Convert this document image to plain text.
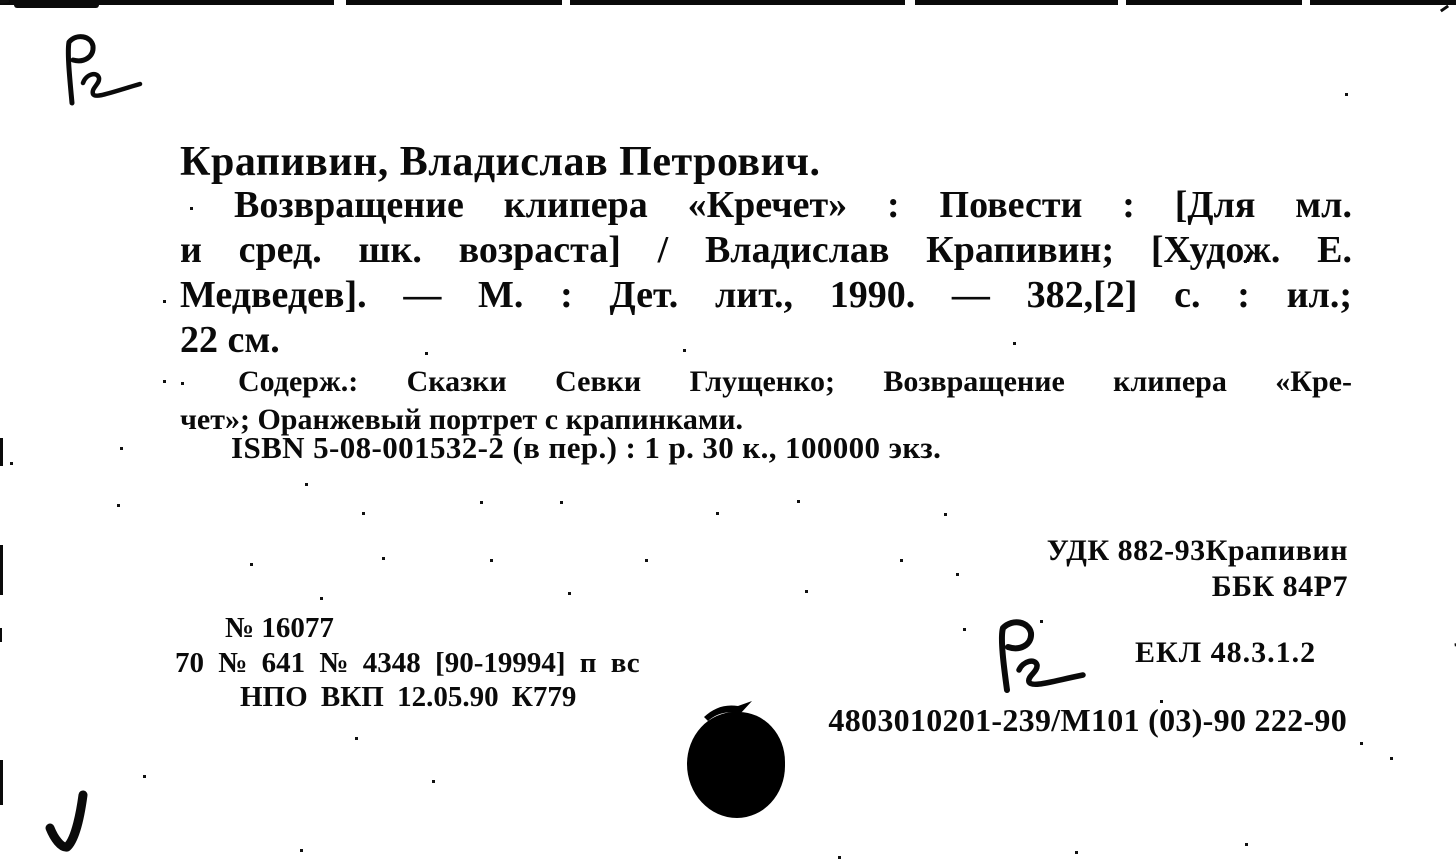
Крапивин, Владислав Петрович.
Возвращение клипера «Кречет» : Повести : [Для мл.
и сред. шк. возраста] / Владислав Крапивин; [Худож. Е.
Медведев]. — М. : Дет. лит., 1990. — 382,[2] с. : ил.;
22 см.
Содерж.: Сказки Севки Глущенко; Возвращение клипера «Кре-
чет»; Оранжевый портрет с крапинками.
ISBN 5-08-001532-2 (в пер.) : 1 р. 30 к., 100000 экз.
УДК 882-93Крапивин
ББК 84Р7
№ 16077
70 № 641 № 4348 [90-19994] п вс
НПО ВКП 12.05.90 К779
ЕКЛ 48.3.1.2
4803010201-239/М101 (03)-90 222-90
